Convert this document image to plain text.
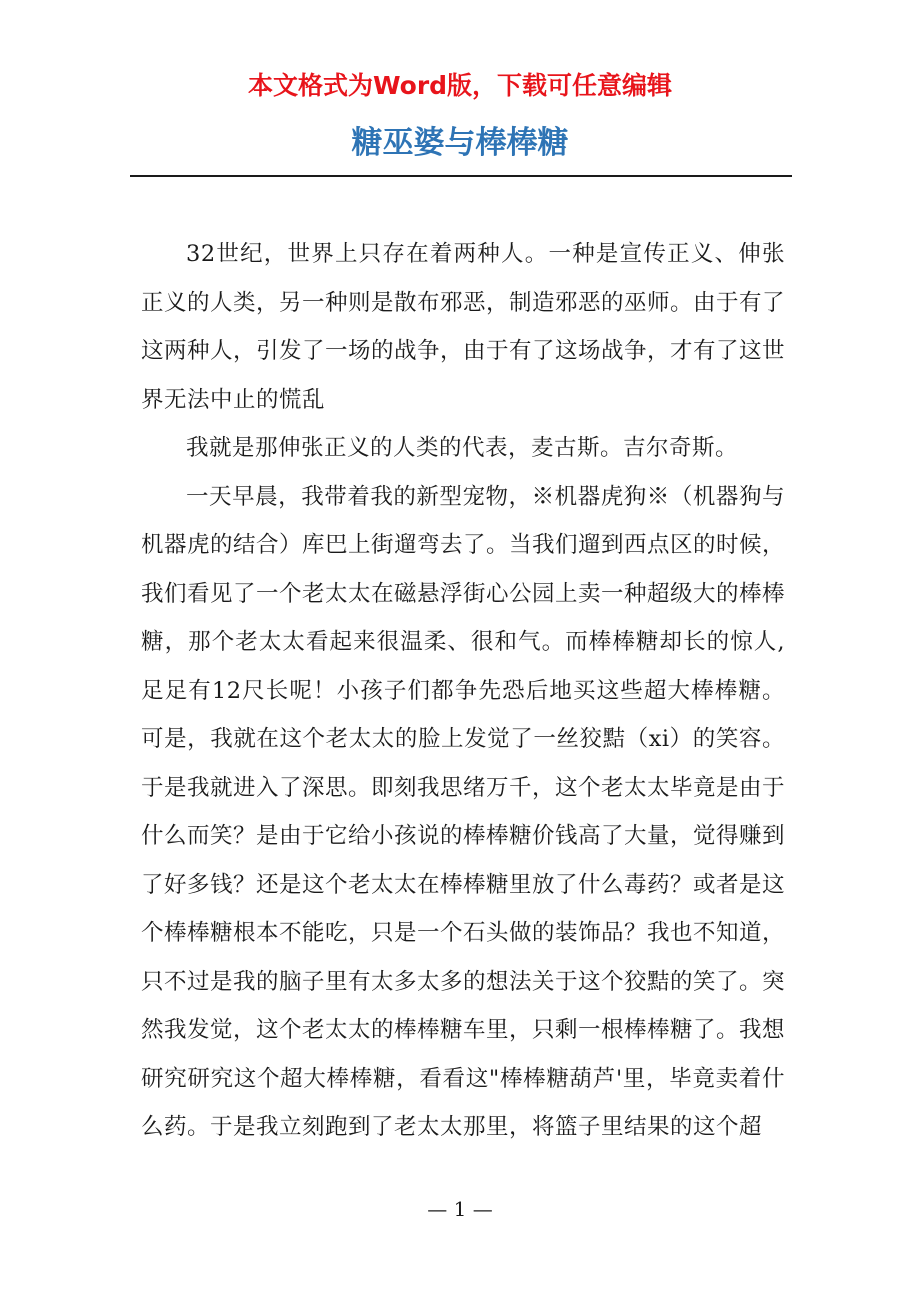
本文格式为Word版，下载可任意编辑
糖巫婆与棒棒糖

32世纪，世界上只存在着两种人。一种是宣传正义、伸张正义的人类，另一种则是散布邪恶，制造邪恶的巫师。由于有了这两种人，引发了一场的战争，由于有了这场战争，才有了这世界无法中止的慌乱

我就是那伸张正义的人类的代表，麦古斯。吉尔奇斯。

一天早晨，我带着我的新型宠物，※机器虎狗※（机器狗与机器虎的结合）库巴上街遛弯去了。当我们遛到西点区的时候，我们看见了一个老太太在磁悬浮街心公园上卖一种超级大的棒棒糖，那个老太太看起来很温柔、很和气。而棒棒糖却长的惊人,足足有12尺长呢！小孩子们都争先恐后地买这些超大棒棒糖。可是，我就在这个老太太的脸上发觉了一丝狡黠（xi）的笑容。于是我就进入了深思。即刻我思绪万千，这个老太太毕竟是由于什么而笑？是由于它给小孩说的棒棒糖价钱高了大量，觉得赚到了好多钱？还是这个老太太在棒棒糖里放了什么毒药？或者是这个棒棒糖根本不能吃，只是一个石头做的装饰品？我也不知道，只不过是我的脑子里有太多太多的想法关于这个狡黠的笑了。突然我发觉，这个老太太的棒棒糖车里，只剩一根棒棒糖了。我想研究研究这个超大棒棒糖，看看这"棒棒糖葫芦'里，毕竟卖着什么药。于是我立刻跑到了老太太那里，将篮子里结果的这个超

— 1 —
